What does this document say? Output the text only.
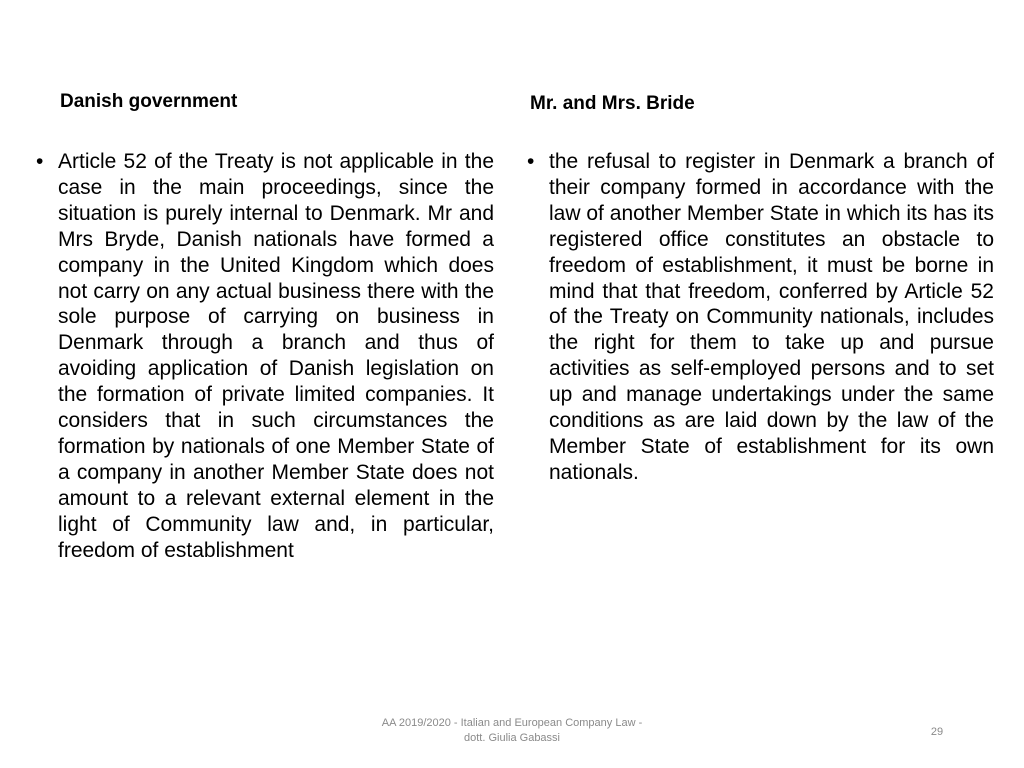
Danish government	Mr. and Mrs. Bride
• Article 52 of the Treaty is not applicable in the case in the main proceedings, since the situation is purely internal to Denmark. Mr and Mrs Bryde, Danish nationals have formed a company in the United Kingdom which does not carry on any actual business there with the sole purpose of carrying on business in Denmark through a branch and thus of avoiding application of Danish legislation on the formation of private limited companies. It considers that in such circumstances the formation by nationals of one Member State of a company in another Member State does not amount to a relevant external element in the light of Community law and, in particular, freedom of establishment
• the refusal to register in Denmark a branch of their company formed in accordance with the law of another Member State in which its has its registered office constitutes an obstacle to freedom of establishment, it must be borne in mind that that freedom, conferred by Article 52 of the Treaty on Community nationals, includes the right for them to take up and pursue activities as self-employed persons and to set up and manage undertakings under the same conditions as are laid down by the law of the Member State of establishment for its own nationals.
AA 2019/2020 - Italian and European Company Law -
dott. Giulia Gabassi	29
